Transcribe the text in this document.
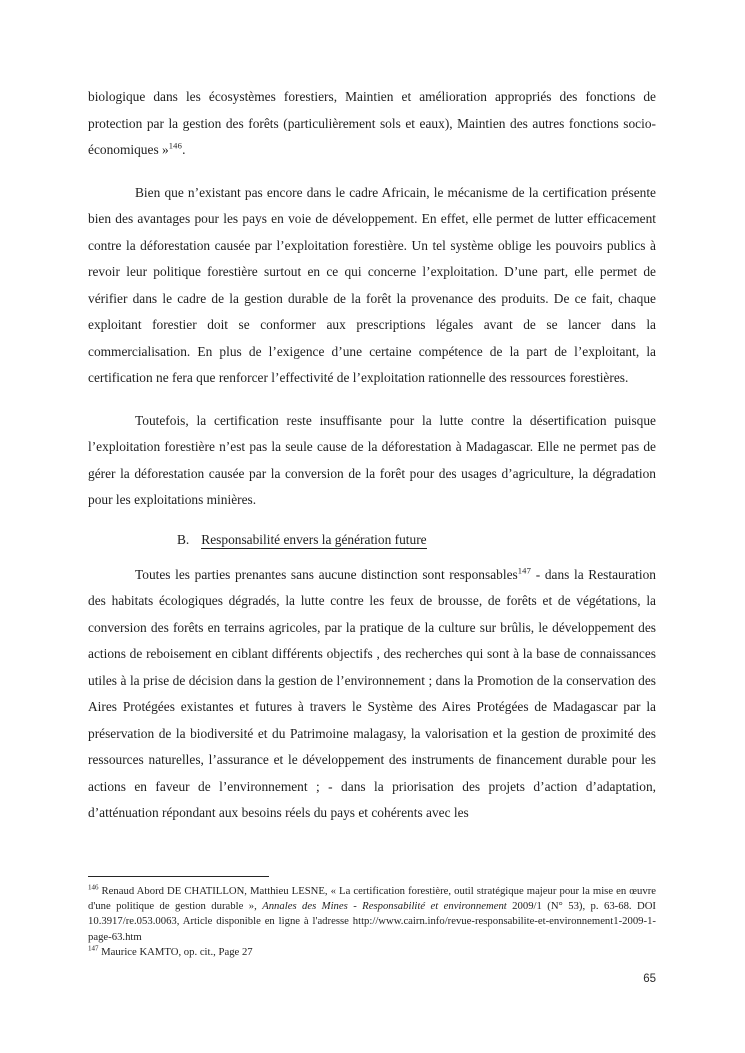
biologique dans les écosystèmes forestiers, Maintien et amélioration appropriés des fonctions de protection par la gestion des forêts (particulièrement sols et eaux), Maintien des autres fonctions socio-économiques »$^{146}$.

Bien que n’existant pas encore dans le cadre Africain, le mécanisme de la certification présente bien des avantages pour les pays en voie de développement. En effet, elle permet de lutter efficacement contre la déforestation causée par l’exploitation forestière. Un tel système oblige les pouvoirs publics à revoir leur politique forestière surtout en ce qui concerne l’exploitation. D’une part, elle permet de vérifier dans le cadre de la gestion durable de la forêt la provenance des produits. De ce fait, chaque exploitant forestier doit se conformer aux prescriptions légales avant de se lancer dans la commercialisation. En plus de l’exigence d’une certaine compétence de la part de l’exploitant, la certification ne fera que renforcer l’effectivité de l’exploitation rationnelle des ressources forestières.

Toutefois, la certification reste insuffisante pour la lutte contre la désertification puisque l’exploitation forestière n’est pas la seule cause de la déforestation à Madagascar. Elle ne permet pas de gérer la déforestation causée par la conversion de la forêt pour des usages d’agriculture, la dégradation pour les exploitations minières.

B. Responsabilité envers la génération future

Toutes les parties prenantes sans aucune distinction sont responsables$^{147}$ - dans la Restauration des habitats écologiques dégradés, la lutte contre les feux de brousse, de forêts et de végétations, la conversion des forêts en terrains agricoles, par la pratique de la culture sur brûlis, le développement des actions de reboisement en ciblant différents objectifs , des recherches qui sont à la base de connaissances utiles à la prise de décision dans la gestion de l’environnement ; dans la Promotion de la conservation des Aires Protégées existantes et futures à travers le Système des Aires Protégées de Madagascar par la préservation de la biodiversité et du Patrimoine malagasy, la valorisation et la gestion de proximité des ressources naturelles, l’assurance et le développement des instruments de financement durable pour les actions en faveur de l’environnement ; - dans la priorisation des projets d’action d’adaptation, d’atténuation répondant aux besoins réels du pays et cohérents avec les

$^{146}$ Renaud Abord DE CHATILLON, Matthieu LESNE, « La certification forestière, outil stratégique majeur pour la mise en œuvre d'une politique de gestion durable », Annales des Mines - Responsabilité et environnement 2009/1 (N° 53), p. 63-68. DOI 10.3917/re.053.0063, Article disponible en ligne à l'adresse http://www.cairn.info/revue-responsabilite-et-environnement1-2009-1-page-63.htm

$^{147}$ Maurice KAMTO, op. cit., Page 27

65
